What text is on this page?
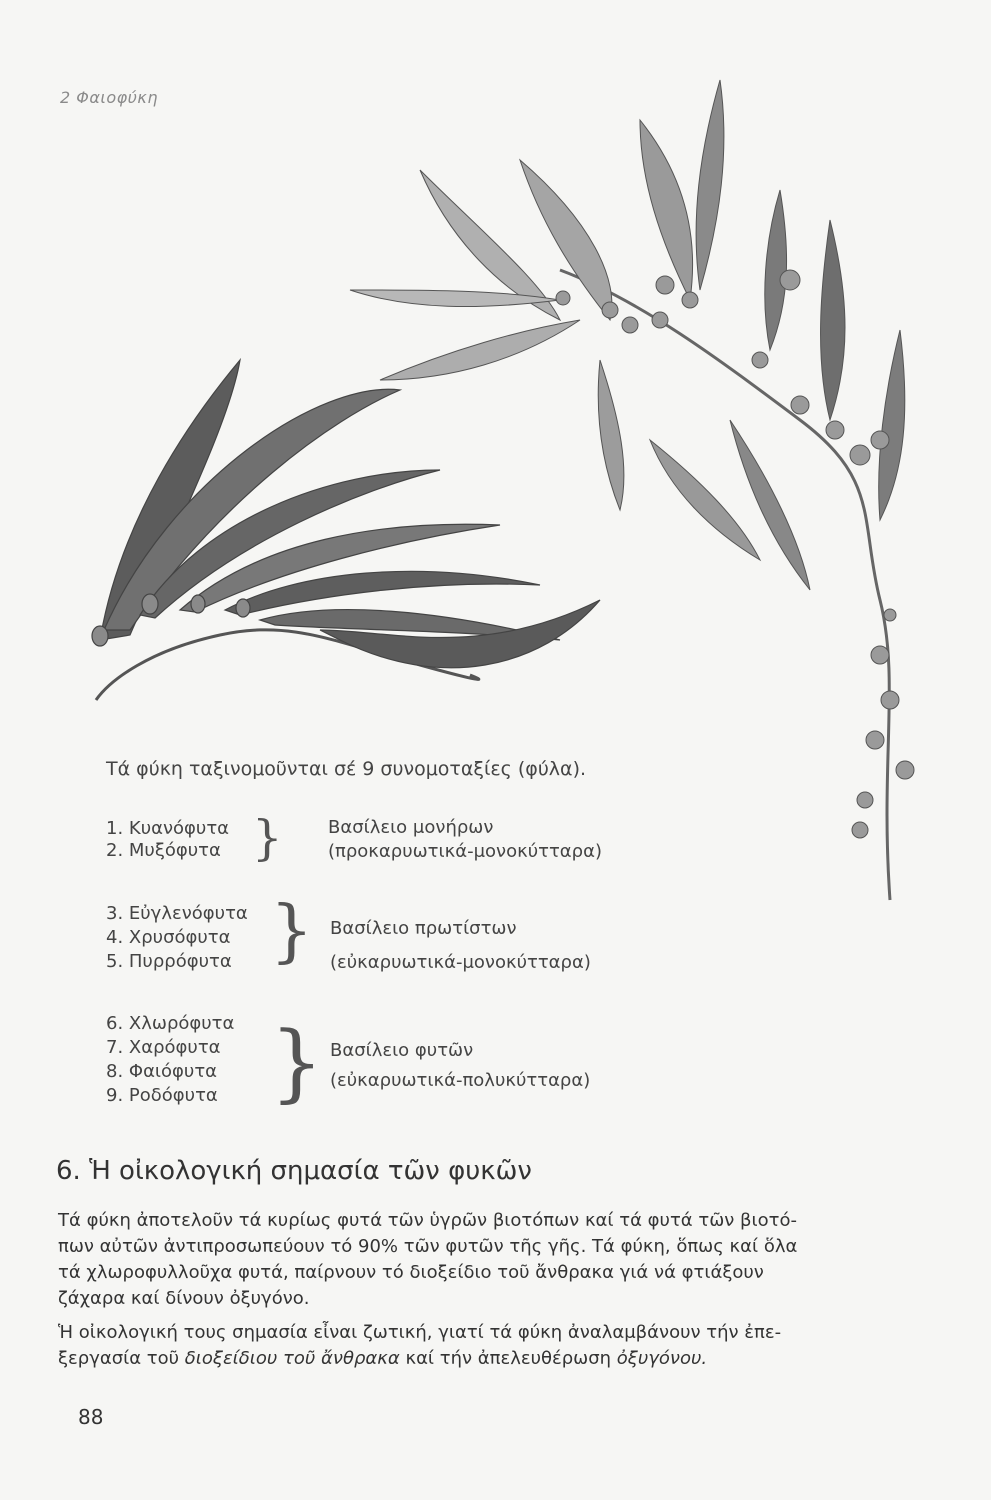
2 Φαιοφύκη
Τά φύκη ταξινομοῦνται σέ 9 συνομοταξίες (φύλα).
1. Κυανόφυτα
2. Μυξόφυτα }	Βασίλειο μονήρων
(προκαρυωτικά-μονοκύτταρα)
3. Εὐγλενόφυτα
4. Χρυσόφυτα
5. Πυρρόφυτα } Βασίλειο πρωτίστων
(εὐκαρυωτικά-μονοκύτταρα)
6. Χλωρόφυτα
7. Χαρόφυτα
8. Φαιόφυτα
9. Ροδόφυτα } Βασίλειο φυτῶν
(εὐκαρυωτικά-πολυκύτταρα)
6. Ἡ οἰκολογική σημασία τῶν φυκῶν
Τά φύκη ἀποτελοῦν τά κυρίως φυτά τῶν ὑγρῶν βιοτόπων καί τά φυτά τῶν βιοτό-
πων αὐτῶν ἀντιπροσωπεύουν τό 90% τῶν φυτῶν τῆς γῆς. Τά φύκη, ὅπως καί ὅλα
τά χλωροφυλλοῦχα φυτά, παίρνουν τό διοξείδιο τοῦ ἄνθρακα γιά νά φτιάξουν
ζάχαρα καί δίνουν ὀξυγόνο.
Ἡ οἰκολογική τους σημασία εἶναι ζωτική, γιατί τά φύκη ἀναλαμβάνουν τήν ἐπε-
ξεργασία τοῦ διοξείδιου τοῦ ἄνθρακα καί τήν ἀπελευθέρωση ὀξυγόνου.
88
